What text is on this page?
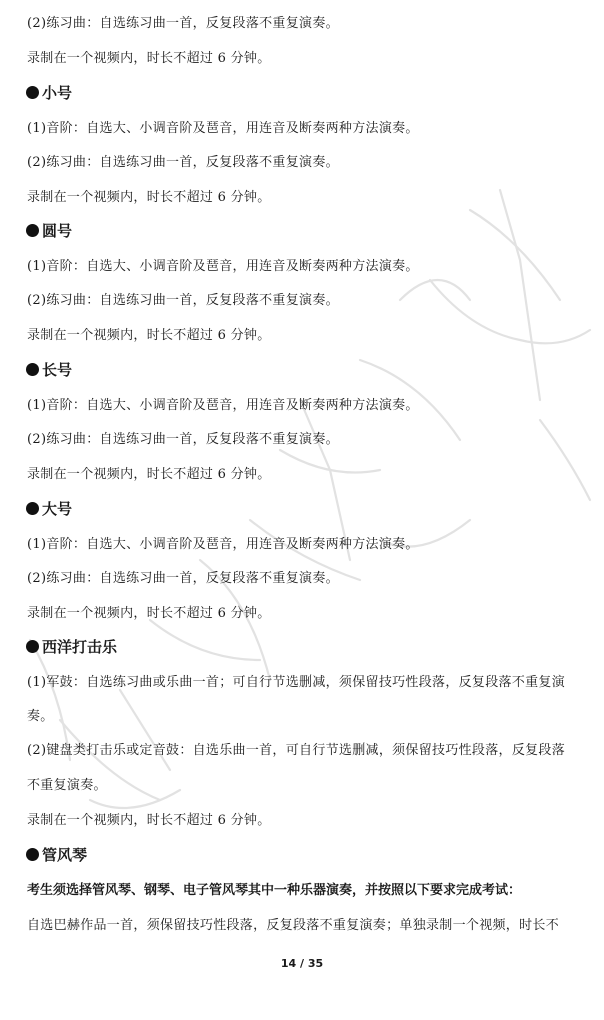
(2)练习曲：自选练习曲一首，反复段落不重复演奏。
录制在一个视频内，时长不超过 6 分钟。
小号
(1)音阶：自选大、小调音阶及琶音，用连音及断奏两种方法演奏。
(2)练习曲：自选练习曲一首，反复段落不重复演奏。
录制在一个视频内，时长不超过 6 分钟。
圆号
(1)音阶：自选大、小调音阶及琶音，用连音及断奏两种方法演奏。
(2)练习曲：自选练习曲一首，反复段落不重复演奏。
录制在一个视频内，时长不超过 6 分钟。
长号
(1)音阶：自选大、小调音阶及琶音，用连音及断奏两种方法演奏。
(2)练习曲：自选练习曲一首，反复段落不重复演奏。
录制在一个视频内，时长不超过 6 分钟。
大号
(1)音阶：自选大、小调音阶及琶音，用连音及断奏两种方法演奏。
(2)练习曲：自选练习曲一首，反复段落不重复演奏。
录制在一个视频内，时长不超过 6 分钟。
西洋打击乐
(1)军鼓：自选练习曲或乐曲一首；可自行节选删减，须保留技巧性段落，反复段落不重复演
奏。
(2)键盘类打击乐或定音鼓：自选乐曲一首，可自行节选删减，须保留技巧性段落，反复段落
不重复演奏。
录制在一个视频内，时长不超过 6 分钟。
管风琴
考生须选择管风琴、钢琴、电子管风琴其中一种乐器演奏，并按照以下要求完成考试：
自选巴赫作品一首，须保留技巧性段落，反复段落不重复演奏；单独录制一个视频，时长不
14 / 35
